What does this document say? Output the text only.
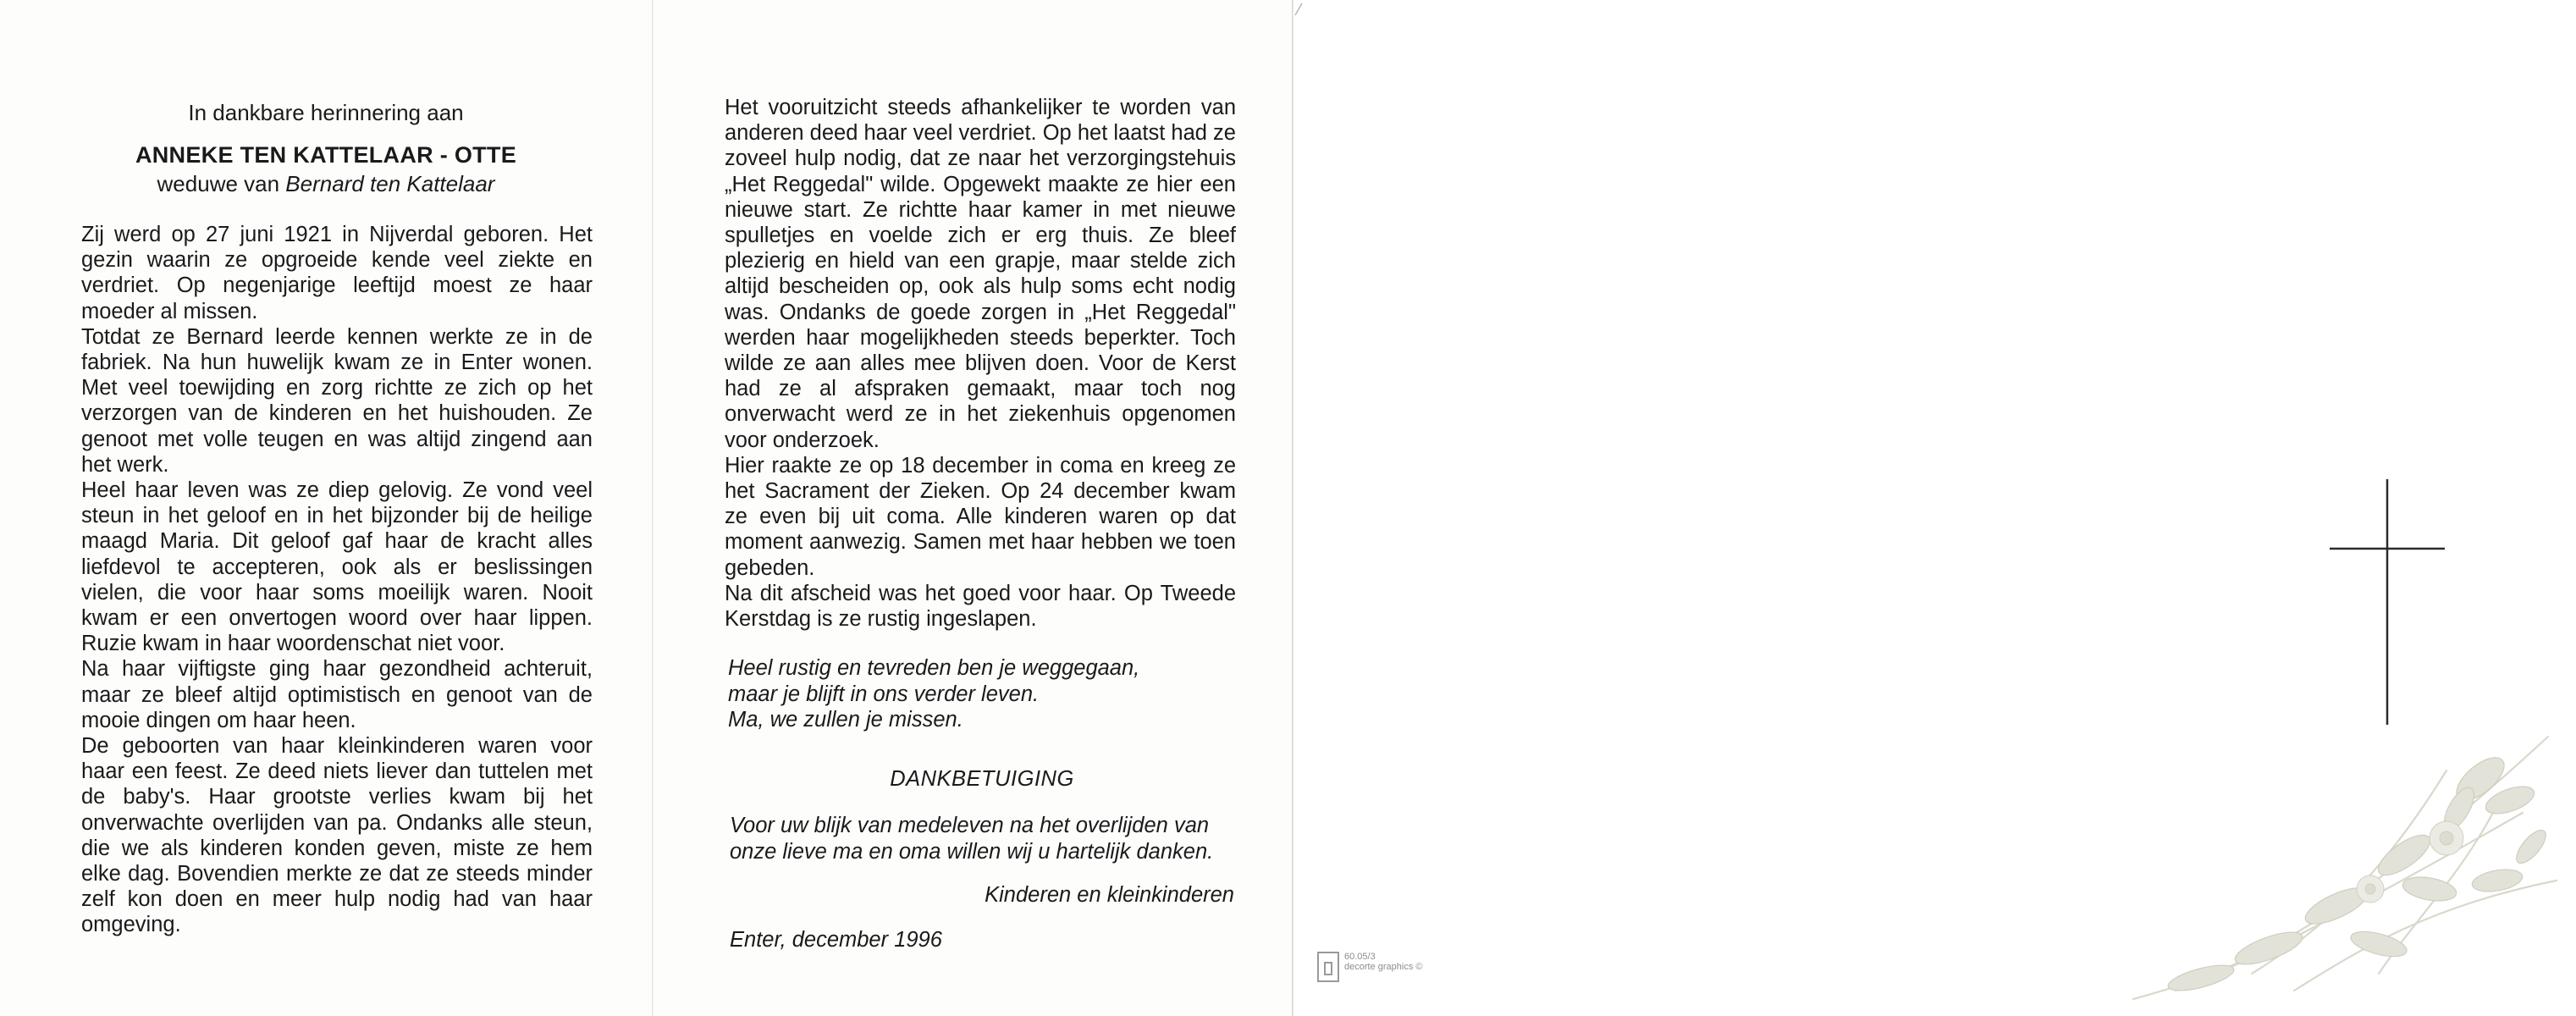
In dankbare herinnering aan
ANNEKE TEN KATTELAAR - OTTE
weduwe van Bernard ten Kattelaar

Zij werd op 27 juni 1921 in Nijverdal geboren. Het gezin waarin ze opgroeide kende veel ziekte en verdriet. Op negenjarige leeftijd moest ze haar moeder al missen.

Totdat ze Bernard leerde kennen werkte ze in de fabriek. Na hun huwelijk kwam ze in Enter wonen. Met veel toewijding en zorg richtte ze zich op het verzorgen van de kinderen en het huishouden. Ze genoot met volle teugen en was altijd zingend aan het werk.

Heel haar leven was ze diep gelovig. Ze vond veel steun in het geloof en in het bijzonder bij de heilige maagd Maria. Dit geloof gaf haar de kracht alles liefdevol te accepteren, ook als er beslissingen vielen, die voor haar soms moeilijk waren. Nooit kwam er een onvertogen woord over haar lippen. Ruzie kwam in haar woordenschat niet voor.

Na haar vijftigste ging haar gezondheid achteruit, maar ze bleef altijd optimistisch en genoot van de mooie dingen om haar heen.

De geboorten van haar kleinkinderen waren voor haar een feest. Ze deed niets liever dan tuttelen met de baby's. Haar grootste verlies kwam bij het onverwachte overlijden van pa. Ondanks alle steun, die we als kinderen konden geven, miste ze hem elke dag. Bovendien merkte ze dat ze steeds minder zelf kon doen en meer hulp nodig had van haar omgeving.

Het vooruitzicht steeds afhankelijker te worden van anderen deed haar veel verdriet. Op het laatst had ze zoveel hulp nodig, dat ze naar het verzorgingstehuis „Het Reggedal" wilde. Opgewekt maakte ze hier een nieuwe start. Ze richtte haar kamer in met nieuwe spulletjes en voelde zich er erg thuis. Ze bleef plezierig en hield van een grapje, maar stelde zich altijd bescheiden op, ook als hulp soms echt nodig was. Ondanks de goede zorgen in „Het Reggedal" werden haar mogelijkheden steeds beperkter. Toch wilde ze aan alles mee blijven doen. Voor de Kerst had ze al afspraken gemaakt, maar toch nog onverwacht werd ze in het ziekenhuis opgenomen voor onderzoek.

Hier raakte ze op 18 december in coma en kreeg ze het Sacrament der Zieken. Op 24 december kwam ze even bij uit coma. Alle kinderen waren op dat moment aanwezig. Samen met haar hebben we toen gebeden.

Na dit afscheid was het goed voor haar. Op Tweede Kerstdag is ze rustig ingeslapen.

Heel rustig en tevreden ben je weggegaan,
maar je blijft in ons verder leven.
Ma, we zullen je missen.
DANKBETUIGING
Voor uw blijk van medeleven na het overlijden van
onze lieve ma en oma willen wij u hartelijk danken.
Kinderen en kleinkinderen
Enter, december 1996
60.05/3
decorte graphics ©
